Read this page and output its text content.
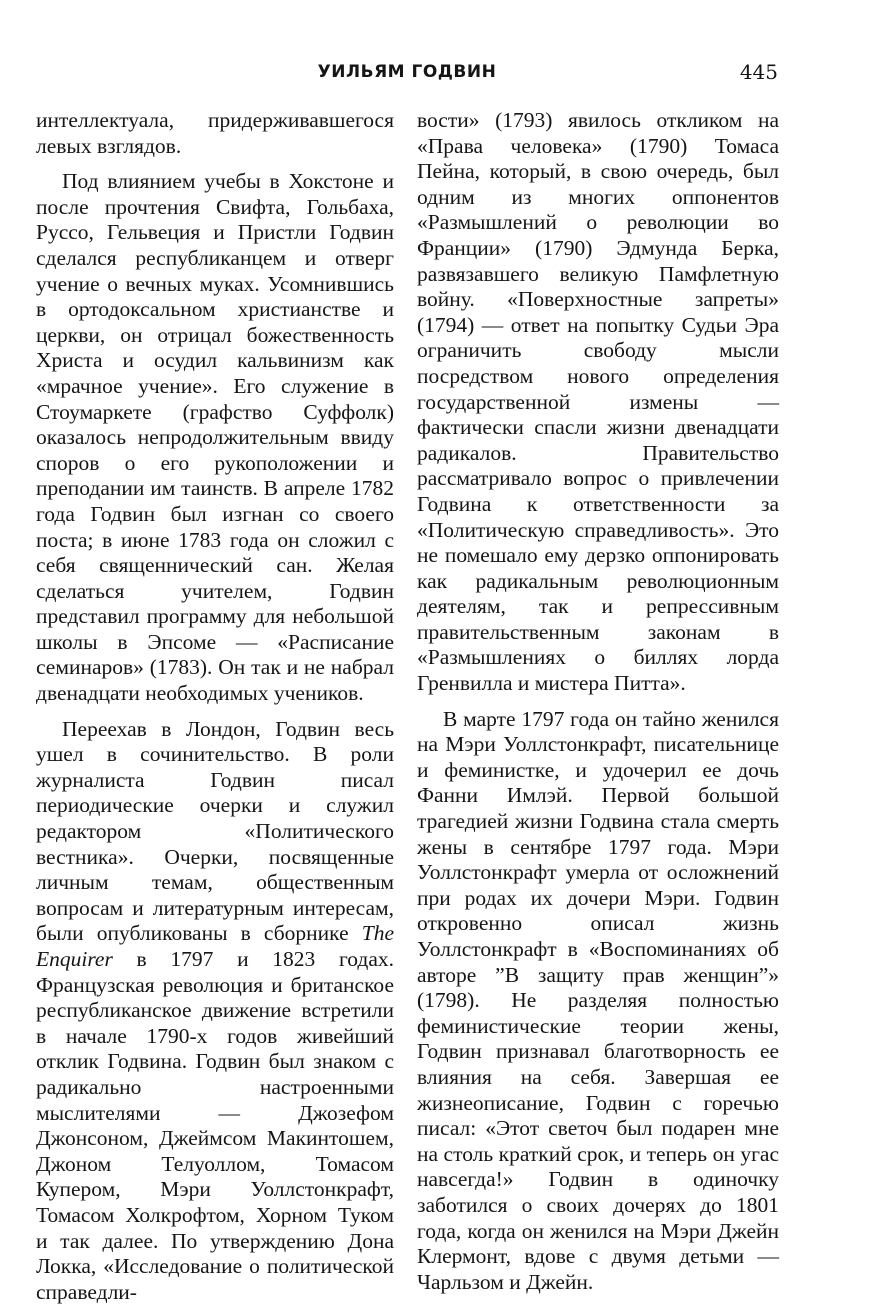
УИЛЬЯМ ГОДВИН	445

интеллектуала, придерживавшегося левых взглядов.

Под влиянием учебы в Хокстоне и после прочтения Свифта, Гольбаха, Руссо, Гельвеция и Пристли Годвин сделался республиканцем и отверг учение о вечных муках. Усомнившись в ортодоксальном христианстве и церкви, он отрицал божественность Христа и осудил кальвинизм как «мрачное учение». Его служение в Стоумаркете (графство Суффолк) оказалось непродолжительным ввиду споров о его рукоположении и преподании им таинств. В апреле 1782 года Годвин был изгнан со своего поста; в июне 1783 года он сложил с себя священнический сан. Желая сделаться учителем, Годвин представил программу для небольшой школы в Эпсоме — «Расписание семинаров» (1783). Он так и не набрал двенадцати необходимых учеников.

Переехав в Лондон, Годвин весь ушел в сочинительство. В роли журналиста Годвин писал периодические очерки и служил редактором «Политического вестника». Очерки, посвященные личным темам, общественным вопросам и литературным интересам, были опубликованы в сборнике The Enquirer в 1797 и 1823 годах. Французская революция и британское республиканское движение встретили в начале 1790-х годов живейший отклик Годвина. Годвин был знаком с радикально настроенными мыслителями — Джозефом Джонсоном, Джеймсом Макинтошем, Джоном Телуоллом, Томасом Купером, Мэри Уоллстонкрафт, Томасом Холкрофтом, Хорном Туком и так далее. По утверждению Дона Локка, «Исследование о политической справедли-

вости» (1793) явилось откликом на «Права человека» (1790) Томаса Пейна, который, в свою очередь, был одним из многих оппонентов «Размышлений о революции во Франции» (1790) Эдмунда Берка, развязавшего великую Памфлетную войну. «Поверхностные запреты» (1794) — ответ на попытку Судьи Эра ограничить свободу мысли посредством нового определения государственной измены — фактически спасли жизни двенадцати радикалов. Правительство рассматривало вопрос о привлечении Годвина к ответственности за «Политическую справедливость». Это не помешало ему дерзко оппонировать как радикальным революционным деятелям, так и репрессивным правительственным законам в «Размышлениях о биллях лорда Гренвилла и мистера Питта».

В марте 1797 года он тайно женился на Мэри Уоллстонкрафт, писательнице и феминистке, и удочерил ее дочь Фанни Имлэй. Первой большой трагедией жизни Годвина стала смерть жены в сентябре 1797 года. Мэри Уоллстонкрафт умерла от осложнений при родах их дочери Мэри. Годвин откровенно описал жизнь Уоллстонкрафт в «Воспоминаниях об авторе ”В защиту прав женщин”» (1798). Не разделяя полностью феминистические теории жены, Годвин признавал благотворность ее влияния на себя. Завершая ее жизнеописание, Годвин с горечью писал: «Этот светоч был подарен мне на столь краткий срок, и теперь он угас навсегда!» Годвин в одиночку заботился о своих дочерях до 1801 года, когда он женился на Мэри Джейн Клермонт, вдове с двумя детьми — Чарльзом и Джейн.
